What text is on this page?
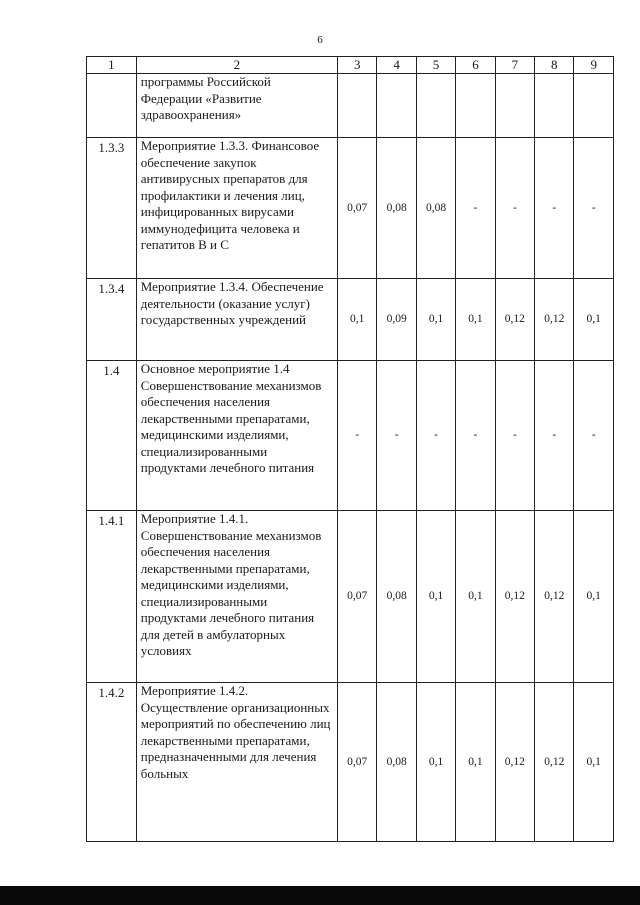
6
1	2	3	4	5	6	7	8	9
	программы Российской Федерации «Развитие здравоохранения»							
1.3.3	Мероприятие 1.3.3. Финансовое обеспечение закупок антивирусных препаратов для профилактики и лечения лиц, инфицированных вирусами иммунодефицита человека и гепатитов В и С	0,07	0,08	0,08	-	-	-	-
1.3.4	Мероприятие 1.3.4. Обеспечение деятельности (оказание услуг) государственных учреждений	0,1	0,09	0,1	0,1	0,12	0,12	0,1
1.4	Основное мероприятие 1.4 Совершенствование механизмов обеспечения населения лекарственными препаратами, медицинскими изделиями, специализированными продуктами лечебного питания	-	-	-	-	-	-	-
1.4.1	Мероприятие 1.4.1. Совершенствование механизмов обеспечения населения лекарственными препаратами, медицинскими изделиями, специализированными продуктами лечебного питания для детей в амбулаторных условиях	0,07	0,08	0,1	0,1	0,12	0,12	0,1
1.4.2	Мероприятие 1.4.2. Осуществление организационных мероприятий по обеспечению лиц лекарственными препаратами, предназначенными для лечения больных	0,07	0,08	0,1	0,1	0,12	0,12	0,1
